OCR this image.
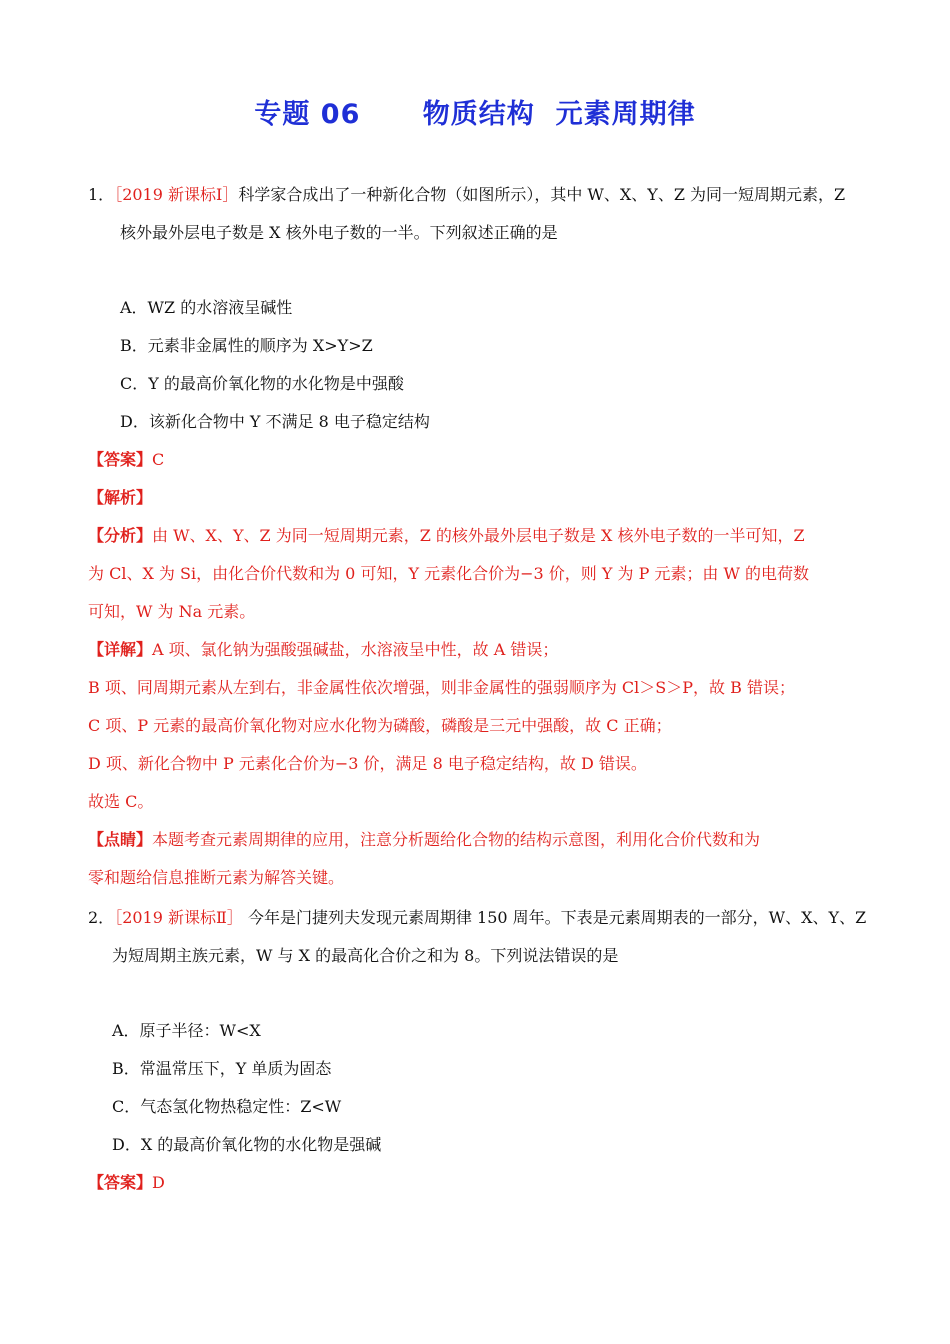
专题 06      物质结构  元素周期律
1．［2019 新课标Ⅰ］科学家合成出了一种新化合物（如图所示），其中 W、X、Y、Z 为同一短周期元素，Z
核外最外层电子数是 X 核外电子数的一半。下列叙述正确的是
A．WZ 的水溶液呈碱性
B．元素非金属性的顺序为 X>Y>Z
C．Y 的最高价氧化物的水化物是中强酸
D．该新化合物中 Y 不满足 8 电子稳定结构
【答案】C
【解析】
【分析】由 W、X、Y、Z 为同一短周期元素，Z 的核外最外层电子数是 X 核外电子数的一半可知，Z
为 Cl、X 为 Si，由化合价代数和为 0 可知，Y 元素化合价为−3 价，则 Y 为 P 元素；由 W 的电荷数
可知，W 为 Na 元素。
【详解】A 项、氯化钠为强酸强碱盐，水溶液呈中性，故 A 错误；
B 项、同周期元素从左到右，非金属性依次增强，则非金属性的强弱顺序为 Cl＞S＞P，故 B 错误；
C 项、P 元素的最高价氧化物对应水化物为磷酸，磷酸是三元中强酸，故 C 正确；
D 项、新化合物中 P 元素化合价为−3 价，满足 8 电子稳定结构，故 D 错误。
故选 C。
【点睛】本题考查元素周期律的应用，注意分析题给化合物的结构示意图，利用化合价代数和为
零和题给信息推断元素为解答关键。
2．［2019 新课标Ⅱ］ 今年是门捷列夫发现元素周期律 150 周年。下表是元素周期表的一部分，W、X、Y、Z
为短周期主族元素，W 与 X 的最高化合价之和为 8。下列说法错误的是
A．原子半径：W<X
B．常温常压下，Y 单质为固态
C．气态氢化物热稳定性：Z<W
D．X 的最高价氧化物的水化物是强碱
【答案】D
